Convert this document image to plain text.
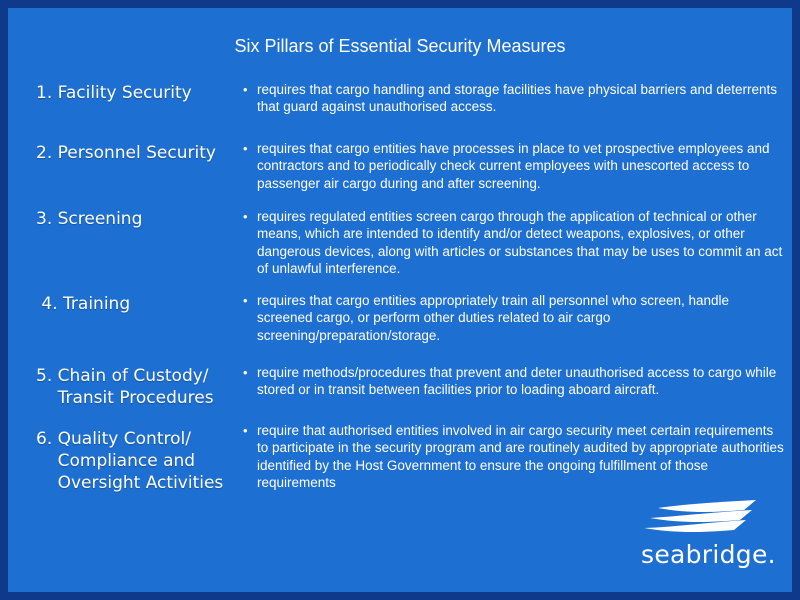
Six Pillars of Essential Security Measures
1. Facility Security	• requires that cargo handling and storage facilities have physical barriers and deterrents that guard against unauthorised access.
2. Personnel Security • requires that cargo entities have processes in place to vet prospective employees and contractors and to periodically check current employees with unescorted access to passenger air cargo during and after screening.
3. Screening	• requires regulated entities screen cargo through the application of technical or other means, which are intended to identify and/or detect weapons, explosives, or other dangerous devices, along with articles or substances that may be uses to commit an act of unlawful interference.
4. Training	• requires that cargo entities appropriately train all personnel who screen, handle screened cargo, or perform other duties related to air cargo screening/preparation/storage.
5. Chain of Custody/
Transit Procedures
• require methods/procedures that prevent and deter unauthorised access to cargo while stored or in transit between facilities prior to loading aboard aircraft.
6. Quality Control/
Compliance and
Oversight Activities
• require that authorised entities involved in air cargo security meet certain requirements to participate in the security program and are routinely audited by appropriate authorities identified by the Host Government to ensure the ongoing fulfillment of those requirements
seabridge.
